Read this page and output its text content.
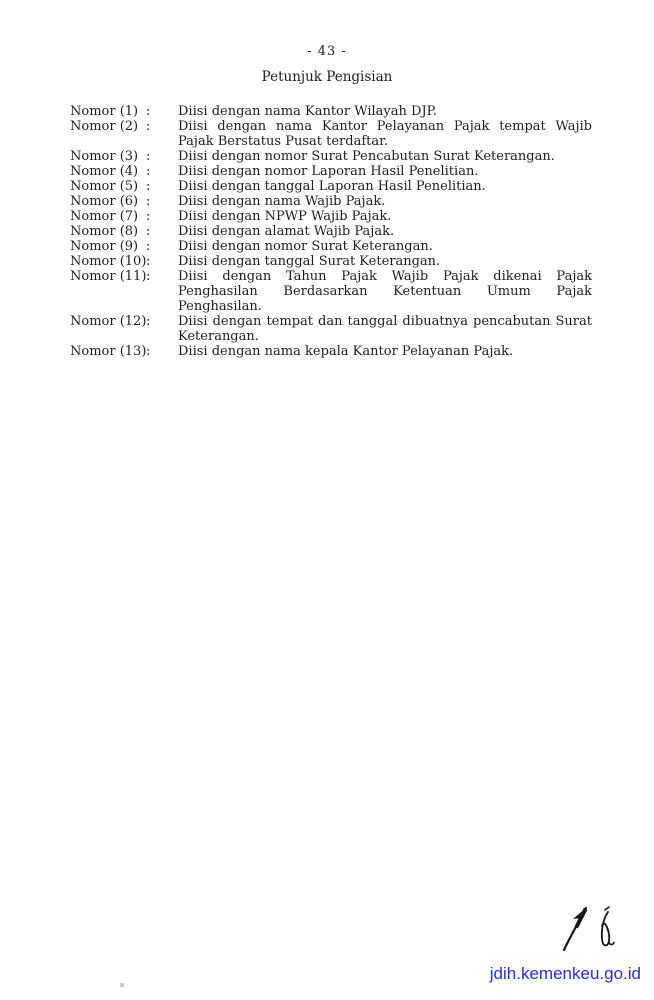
- 43 -
Petunjuk Pengisian
Nomor (1) :	Diisi dengan nama Kantor Wilayah DJP.
Nomor (2) :	Diisi dengan nama Kantor Pelayanan Pajak tempat Wajib Pajak Berstatus Pusat terdaftar.
Nomor (3) :	Diisi dengan nomor Surat Pencabutan Surat Keterangan.
Nomor (4) :	Diisi dengan nomor Laporan Hasil Penelitian.
Nomor (5) :	Diisi dengan tanggal Laporan Hasil Penelitian.
Nomor (6) :	Diisi dengan nama Wajib Pajak.
Nomor (7) :	Diisi dengan NPWP Wajib Pajak.
Nomor (8) :	Diisi dengan alamat Wajib Pajak.
Nomor (9) :	Diisi dengan nomor Surat Keterangan.
Nomor (10) :	Diisi dengan tanggal Surat Keterangan.
Nomor (11) :	Diisi dengan Tahun Pajak Wajib Pajak dikenai Pajak Penghasilan Berdasarkan Ketentuan Umum Pajak Penghasilan.
Nomor (12) :	Diisi dengan tempat dan tanggal dibuatnya pencabutan Surat Keterangan.
Nomor (13) :	Diisi dengan nama kepala Kantor Pelayanan Pajak.
jdih.kemenkeu.go.id
